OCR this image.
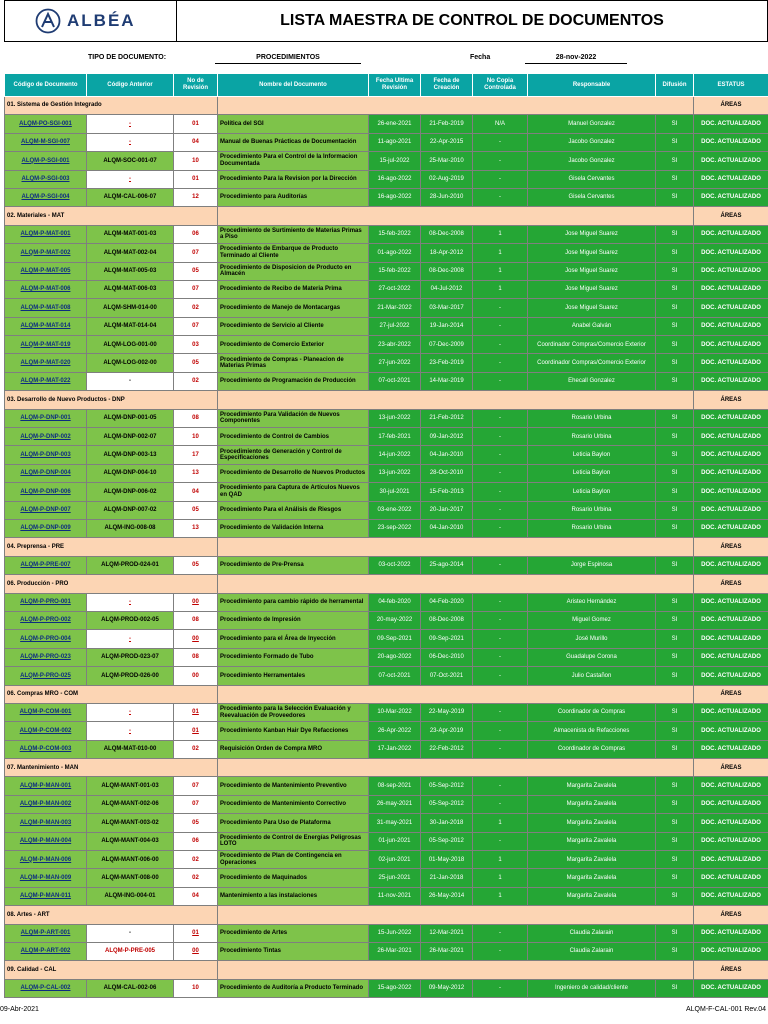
ALBÉA	LISTA MAESTRA DE CONTROL DE DOCUMENTOS
TIPO DE DOCUMENTO:	PROCEDIMIENTOS	Fecha	28-nov-2022
Código de Documento	Código Anterior	No de Revisión	Nombre del Documento	Fecha Ultima Revisión	Fecha de Creación	No Copia Controlada	Responsable	Difusión	ESTATUS
01. Sistema de Gestión Integrado									ÁREAS
ALQM-PO-SGI-001	-	01	Política del SGI	26-ene-2021	21-Feb-2019	N/A	Manuel Gonzalez	SI	DOC. ACTUALIZADO
ALQM-M-SGI-007	-	04	Manual de Buenas Prácticas de Documentación	11-ago-2021	22-Apr-2015	-	Jacobo Gonzalez	SI	DOC. ACTUALIZADO
ALQM-P-SGI-001	ALQM-SOC-001-07	10	Procedimiento Para el Control de la Informacion Documentada	15-jul-2022	25-Mar-2010	-	Jacobo Gonzalez	SI	DOC. ACTUALIZADO
ALQM-P-SGI-003	-	01	Procedimiento Para la Revision por la Dirección	16-ago-2022	02-Aug-2019	-	Gisela Cervantes	SI	DOC. ACTUALIZADO
ALQM-P-SGI-004	ALQM-CAL-006-07	12	Procedimiento para Auditorías	16-ago-2022	28-Jun-2010	-	Gisela Cervantes	SI	DOC. ACTUALIZADO
02. Materiales - MAT									ÁREAS
ALQM-P-MAT-001	ALQM-MAT-001-03	06	Procedimiento de Surtimiento de Materias Primas a Piso	15-feb-2022	08-Dec-2008	1	Jose Miguel Suarez	SI	DOC. ACTUALIZADO
ALQM-P-MAT-002	ALQM-MAT-002-04	07	Procedimiento de Embarque de Producto Terminado al Cliente	01-ago-2022	18-Apr-2012	1	Jose Miguel Suarez	SI	DOC. ACTUALIZADO
ALQM-P-MAT-005	ALQM-MAT-005-03	05	Procedimiento de Disposicion de Producto en Almacén	15-feb-2022	08-Dec-2008	1	Jose Miguel Suarez	SI	DOC. ACTUALIZADO
ALQM-P-MAT-006	ALQM-MAT-006-03	07	Procedimiento de Recibo de Materia Prima	27-oct-2022	04-Jul-2012	1	Jose Miguel Suarez	SI	DOC. ACTUALIZADO
ALQM-P-MAT-008	ALQM-SHM-014-00	02	Procedimiento de Manejo de Montacargas	21-Mar-2022	03-Mar-2017	-	Jose Miguel Suarez	SI	DOC. ACTUALIZADO
ALQM-P-MAT-014	ALQM-MAT-014-04	07	Procedimiento de Servicio al Cliente	27-jul-2022	19-Jan-2014	-	Anabel Galván	SI	DOC. ACTUALIZADO
ALQM-P-MAT-019	ALQM-LOG-001-00	03	Procedimiento de Comercio Exterior	23-abr-2022	07-Dec-2009	-	Coordinador Compras/Comercio Exterior	SI	DOC. ACTUALIZADO
ALQM-P-MAT-020	ALQM-LOG-002-00	05	Procedimiento de Compras - Planeacion de Materias Primas	27-jun-2022	23-Feb-2019	-	Coordinador Compras/Comercio Exterior	SI	DOC. ACTUALIZADO
ALQM-P-MAT-022	-	02	Procedimiento de Programación de Producción	07-oct-2021	14-Mar-2019	-	Ehecall Gonzalez	SI	DOC. ACTUALIZADO
03. Desarrollo de Nuevo Productos - DNP									ÁREAS
ALQM-P-DNP-001	ALQM-DNP-001-05	08	Procedimiento Para Validación de Nuevos Componentes	13-jun-2022	21-Feb-2012	-	Rosario Urbina	SI	DOC. ACTUALIZADO
ALQM-P-DNP-002	ALQM-DNP-002-07	10	Procedimiento de Control de Cambios	17-feb-2021	09-Jan-2012	-	Rosario Urbina	SI	DOC. ACTUALIZADO
ALQM-P-DNP-003	ALQM-DNP-003-13	17	Procedimiento de Generación y Control de Especificaciones	14-jun-2022	04-Jan-2010	-	Leticia Baylon	SI	DOC. ACTUALIZADO
ALQM-P-DNP-004	ALQM-DNP-004-10	13	Procedimiento de Desarrollo de Nuevos Productos	13-jun-2022	28-Oct-2010	-	Leticia Baylon	SI	DOC. ACTUALIZADO
ALQM-P-DNP-006	ALQM-DNP-006-02	04	Procedimiento para Captura de Artículos Nuevos en QAD	30-jul-2021	15-Feb-2013	-	Leticia Baylon	SI	DOC. ACTUALIZADO
ALQM-P-DNP-007	ALQM-DNP-007-02	05	Procedimiento Para el Análisis de Riesgos	03-ene-2022	20-Jan-2017	-	Rosario Urbina	SI	DOC. ACTUALIZADO
ALQM-P-DNP-009	ALQM-ING-008-08	13	Procedimiento de Validación Interna	23-sep-2022	04-Jan-2010	-	Rosario Urbina	SI	DOC. ACTUALIZADO
04. Preprensa - PRE									ÁREAS
ALQM-P-PRE-007	ALQM-PROD-024-01	05	Procedimiento de Pre-Prensa	03-oct-2022	25-ago-2014	-	Jorge Espinosa	SI	DOC. ACTUALIZADO
06. Producción - PRO									ÁREAS
ALQM-P-PRO-001	-	00	Procedimiento para cambio rápido de herramental	04-feb-2020	04-Feb-2020	-	Aristeo Hernández	SI	DOC. ACTUALIZADO
ALQM-P-PRO-002	ALQM-PROD-002-05	08	Procedimiento de Impresión	20-may-2022	08-Dec-2008	-	Miguel Gomez	SI	DOC. ACTUALIZADO
ALQM-P-PRO-004	-	00	Procedimiento para el Área de Inyección	09-Sep-2021	09-Sep-2021	-	José Murillo	SI	DOC. ACTUALIZADO
ALQM-P-PRO-023	ALQM-PROD-023-07	08	Procedimiento Formado de Tubo	20-ago-2022	06-Dec-2010	-	Guadalupe Corona	SI	DOC. ACTUALIZADO
ALQM-P-PRO-025	ALQM-PROD-026-00	00	Procedimiento Herramentales	07-oct-2021	07-Oct-2021	-	Julio Castañon	SI	DOC. ACTUALIZADO
06. Compras MRO - COM									ÁREAS
ALQM-P-COM-001	-	01	Procedimiento para la Selección Evaluación y Reevaluación de Proveedores	10-Mar-2022	22-May-2019	-	Coordinador de Compras	SI	DOC. ACTUALIZADO
ALQM-P-COM-002	-	01	Procedimiento Kanban Hair Dye Refacciones	26-Apr-2022	23-Apr-2019	-	Almacenista de Refacciones	SI	DOC. ACTUALIZADO
ALQM-P-COM-003	ALQM-MAT-010-00	02	Requisición Orden de Compra MRO	17-Jan-2022	22-Feb-2012	-	Coordinador de Compras	SI	DOC. ACTUALIZADO
07. Mantenimiento - MAN									ÁREAS
ALQM-P-MAN-001	ALQM-MANT-001-03	07	Procedimiento de Mantenimiento Preventivo	08-sep-2021	05-Sep-2012	-	Margarita Zavalela	SI	DOC. ACTUALIZADO
ALQM-P-MAN-002	ALQM-MANT-002-06	07	Procedimiento de Mantenimiento Correctivo	26-may-2021	05-Sep-2012	-	Margarita Zavalela	SI	DOC. ACTUALIZADO
ALQM-P-MAN-003	ALQM-MANT-003-02	05	Procedimiento Para Uso de Plataforma	31-may-2021	30-Jan-2018	1	Margarita Zavalela	SI	DOC. ACTUALIZADO
ALQM-P-MAN-004	ALQM-MANT-004-03	06	Procedimiento de Control de Energías Peligrosas LOTO	01-jun-2021	05-Sep-2012	-	Margarita Zavalela	SI	DOC. ACTUALIZADO
ALQM-P-MAN-006	ALQM-MANT-006-00	02	Procedimiento de Plan de Contingencia en Operaciones	02-jun-2021	01-May-2018	1	Margarita Zavalela	SI	DOC. ACTUALIZADO
ALQM-P-MAN-009	ALQM-MANT-008-00	02	Procedimiento de Maquinados	25-jun-2021	21-Jan-2018	1	Margarita Zavalela	SI	DOC. ACTUALIZADO
ALQM-P-MAN-011	ALQM-ING-004-01	04	Mantenimiento a las instalaciones	11-nov-2021	26-May-2014	1	Margarita Zavalela	SI	DOC. ACTUALIZADO
08. Artes - ART									ÁREAS
ALQM-P-ART-001	-	01	Procedimiento de Artes	15-Jun-2022	12-Mar-2021	-	Claudia Zalarain	SI	DOC. ACTUALIZADO
ALQM-P-ART-002	ALQM-P-PRE-005	00	Procedimiento Tintas	26-Mar-2021	26-Mar-2021	-	Claudia Zalarain	SI	DOC. ACTUALIZADO
09. Calidad - CAL									ÁREAS
ALQM-P-CAL-002	ALQM-CAL-002-06	10	Procedimiento de Auditoría a Producto Terminado	15-ago-2022	09-May-2012	-	Ingeniero de calidad/cliente	SI	DOC. ACTUALIZADO
09-Abr-2021	ALQM-F-CAL-001 Rev.04
